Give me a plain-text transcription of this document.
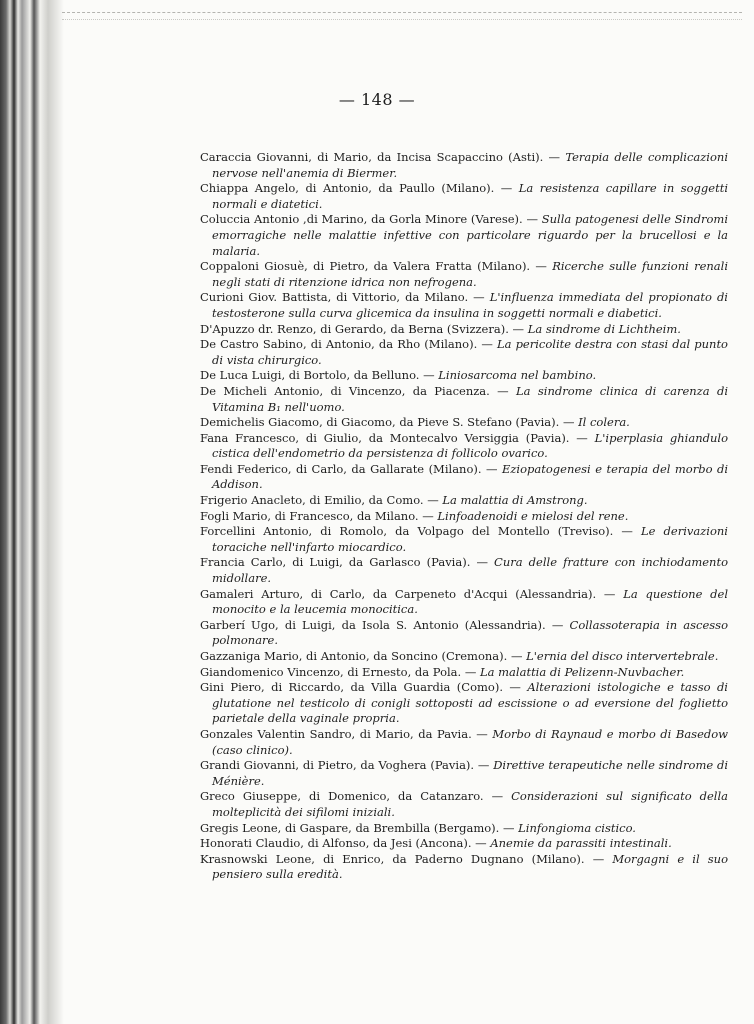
— 148 —

Caraccia Giovanni, di Mario, da Incisa Scapaccino (Asti). — Terapia delle complicazioni nervose nell'anemia di Biermer.

Chiappa Angelo, di Antonio, da Paullo (Milano). — La resistenza capillare in soggetti normali e diatetici.

Coluccia Antonio ,di Marino, da Gorla Minore (Varese). — Sulla patogenesi delle Sindromi emorragiche nelle malattie infettive con particolare riguardo per la brucellosi e la malaria.

Coppaloni Giosuè, di Pietro, da Valera Fratta (Milano). — Ricerche sulle funzioni renali negli stati di ritenzione idrica non nefrogena.

Curioni Giov. Battista, di Vittorio, da Milano. — L'influenza immediata del propionato di testosterone sulla curva glicemica da insulina in soggetti normali e diabetici.

D'Apuzzo dr. Renzo, di Gerardo, da Berna (Svizzera). — La sindrome di Lichtheim.

De Castro Sabino, di Antonio, da Rho (Milano). — La pericolite destra con stasi dal punto di vista chirurgico.

De Luca Luigi, di Bortolo, da Belluno. — Liniosarcoma nel bambino.

De Micheli Antonio, di Vincenzo, da Piacenza. — La sindrome clinica di carenza di Vitamina B₁ nell'uomo.

Demichelis Giacomo, di Giacomo, da Pieve S. Stefano (Pavia). — Il colera.

Fana Francesco, di Giulio, da Montecalvo Versiggia (Pavia). — L'iperplasia ghiandulo cistica dell'endometrio da persistenza di follicolo ovarico.

Fendi Federico, di Carlo, da Gallarate (Milano). — Eziopatogenesi e terapia del morbo di Addison.

Frigerio Anacleto, di Emilio, da Como. — La malattia di Amstrong.

Fogli Mario, di Francesco, da Milano. — Linfoadenoidi e mielosi del rene.

Forcellini Antonio, di Romolo, da Volpago del Montello (Treviso). — Le derivazioni toraciche nell'infarto miocardico.

Francia Carlo, di Luigi, da Garlasco (Pavia). — Cura delle fratture con inchiodamento midollare.

Gamaleri Arturo, di Carlo, da Carpeneto d'Acqui (Alessandria). — La questione del monocito e la leucemia monocitica.

Garberí Ugo, di Luigi, da Isola S. Antonio (Alessandria). — Collassoterapia in ascesso polmonare.

Gazzaniga Mario, di Antonio, da Soncino (Cremona). — L'ernia del disco intervertebrale.

Giandomenico Vincenzo, di Ernesto, da Pola. — La malattia di Pelizenn-Nuvbacher.

Gini Piero, di Riccardo, da Villa Guardia (Como). — Alterazioni istologiche e tasso di glutatione nel testicolo di conigli sottoposti ad escissione o ad eversione del foglietto parietale della vaginale propria.

Gonzales Valentin Sandro, di Mario, da Pavia. — Morbo di Raynaud e morbo di Basedow (caso clinico).

Grandi Giovanni, di Pietro, da Voghera (Pavia). — Direttive terapeutiche nelle sindrome di Ménière.

Greco Giuseppe, di Domenico, da Catanzaro. — Considerazioni sul significato della molteplicità dei sifilomi iniziali.

Gregis Leone, di Gaspare, da Brembilla (Bergamo). — Linfongioma cistico.

Honorati Claudio, di Alfonso, da Jesi (Ancona). — Anemie da parassiti intestinali.

Krasnowski Leone, di Enrico, da Paderno Dugnano (Milano). — Morgagni e il suo pensiero sulla eredità.
